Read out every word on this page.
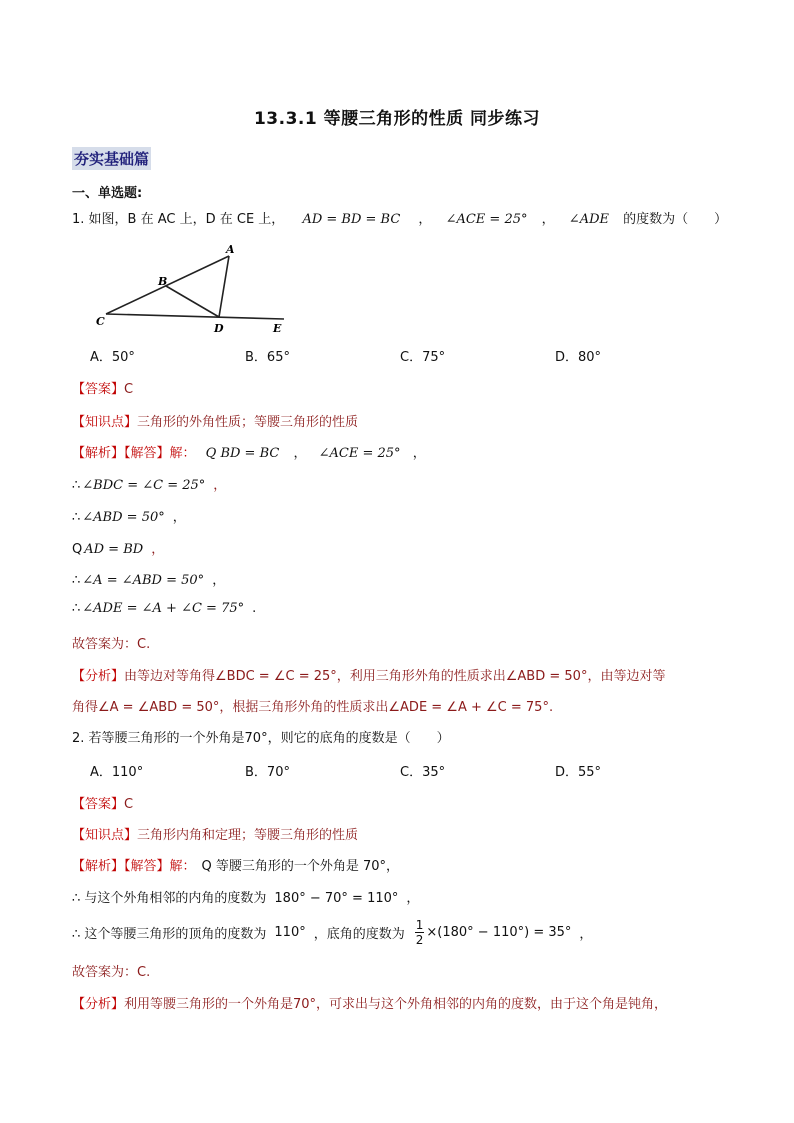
13.3.1 等腰三角形的性质 同步练习
夯实基础篇
一、单选题:
1. 如图，B 在 AC 上，D 在 CE 上， AD = BD = BC ， ∠ACE = 25° ， ∠ADE 的度数为（　　）
A
B
C
D	E
A．50°	B．65°	C．75°	D．80°
【答案】C
【知识点】三角形的外角性质；等腰三角形的性质
【解析】【解答】解： Q BD = BC ， ∠ACE = 25° ，
∴ ∠BDC = ∠C = 25° ，
∴ ∠ABD = 50° ，
Q AD = BD ，
∴ ∠A = ∠ABD = 50° ，
∴ ∠ADE = ∠A + ∠C = 75° .
故答案为：C.
【分析】由等边对等角得∠BDC = ∠C = 25°，利用三角形外角的性质求出∠ABD = 50°，由等边对等
角得∠A = ∠ABD = 50°，根据三角形外角的性质求出∠ADE = ∠A + ∠C = 75°.
2. 若等腰三角形的一个外角是70°，则它的底角的度数是（　　）
A．110°	B．70°	C．35°	D．55°
【答案】C
【知识点】三角形内角和定理；等腰三角形的性质
【解析】【解答】解： Q 等腰三角形的一个外角是 70°，
∴ 与这个外角相邻的内角的度数为 180° − 70° = 110° ，
∴ 这个等腰三角形的顶角的度数为 110° ，底角的度数为 $\frac{1}{2} \times(180^\circ - 110^\circ) = 35^\circ$ ，
故答案为：C.
【分析】利用等腰三角形的一个外角是70°，可求出与这个外角相邻的内角的度数，由于这个角是钝角，
